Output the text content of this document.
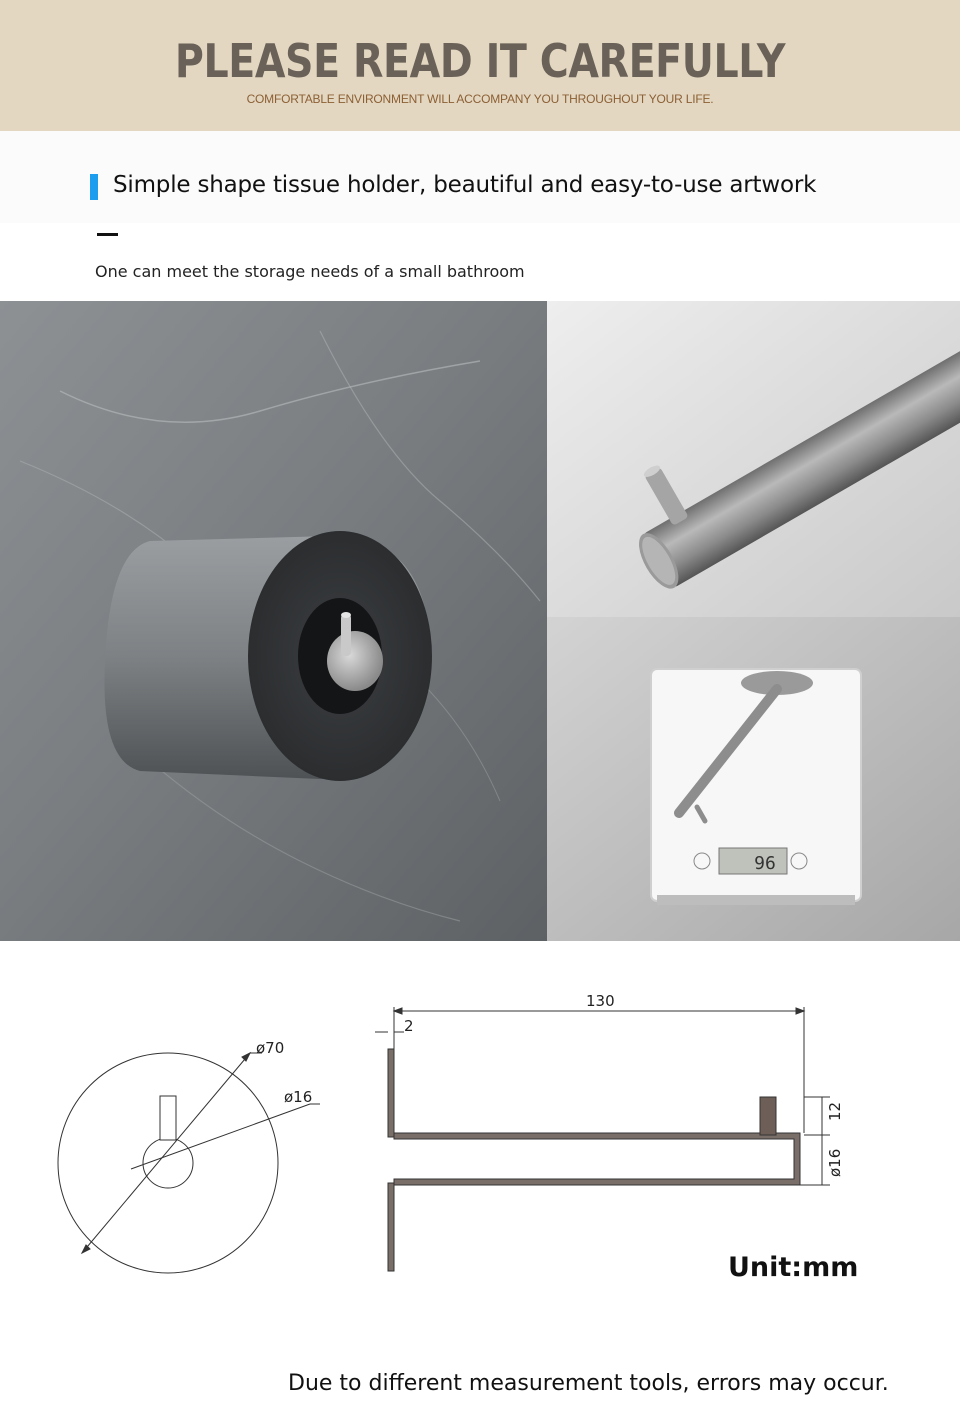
PLEASE READ IT CAREFULLY
COMFORTABLE ENVIRONMENT WILL ACCOMPANY YOU THROUGHOUT YOUR LIFE.
Simple shape tissue holder, beautiful and easy-to-use artwork
One can meet the storage needs of a small bathroom
96
ø70
ø16
130
2
12
ø16
Unit:mm
Due to different measurement tools, errors may occur.
